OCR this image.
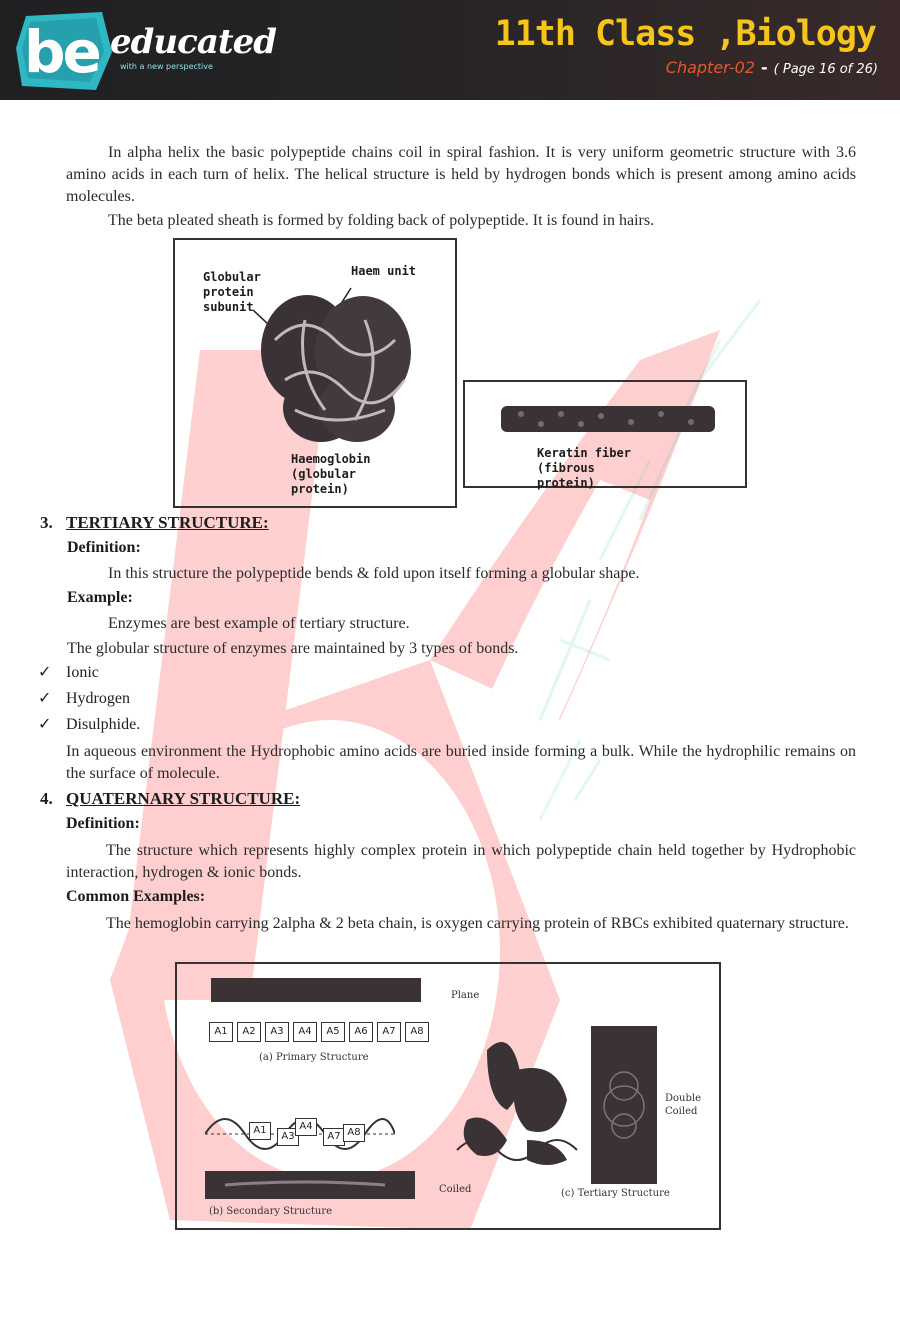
be educated
with a new perspective
11th Class ,Biology
Chapter-02 - ( Page 16 of 26)
In alpha helix the basic polypeptide chains coil in spiral fashion. It is very uniform geometric structure with 3.6 amino acids in each turn of helix. The helical structure is held by hydrogen bonds which is present among amino acids molecules.
The beta pleated sheath is formed by folding back of polypeptide. It is found in hairs.
Globular protein subunit
Haem unit
Haemoglobin (globular protein)
Keratin fiber (fibrous protein)
3. TERTIARY STRUCTURE:
Definition:
In this structure the polypeptide bends & fold upon itself forming a globular shape.
Example:
Enzymes are best example of tertiary structure.
The globular structure of enzymes are maintained by 3 types of bonds.
✓ Ionic
✓ Hydrogen
✓ Disulphide.
In aqueous environment the Hydrophobic amino acids are buried inside forming a bulk. While the hydrophilic remains on the surface of molecule.
4. QUATERNARY STRUCTURE:
Definition:
The structure which represents highly complex protein in which polypeptide chain held together by Hydrophobic interaction, hydrogen & ionic bonds.
Common Examples:
The hemoglobin carrying 2alpha & 2 beta chain, is oxygen carrying protein of RBCs exhibited quaternary structure.
Plane
A1	A2	A3	A4	A5	A6	A7	A8
(a) Primary Structure
A1
A3
A4
A7 A8
Coiled
(b) Secondary Structure
Double Coiled
(c) Tertiary Structure
